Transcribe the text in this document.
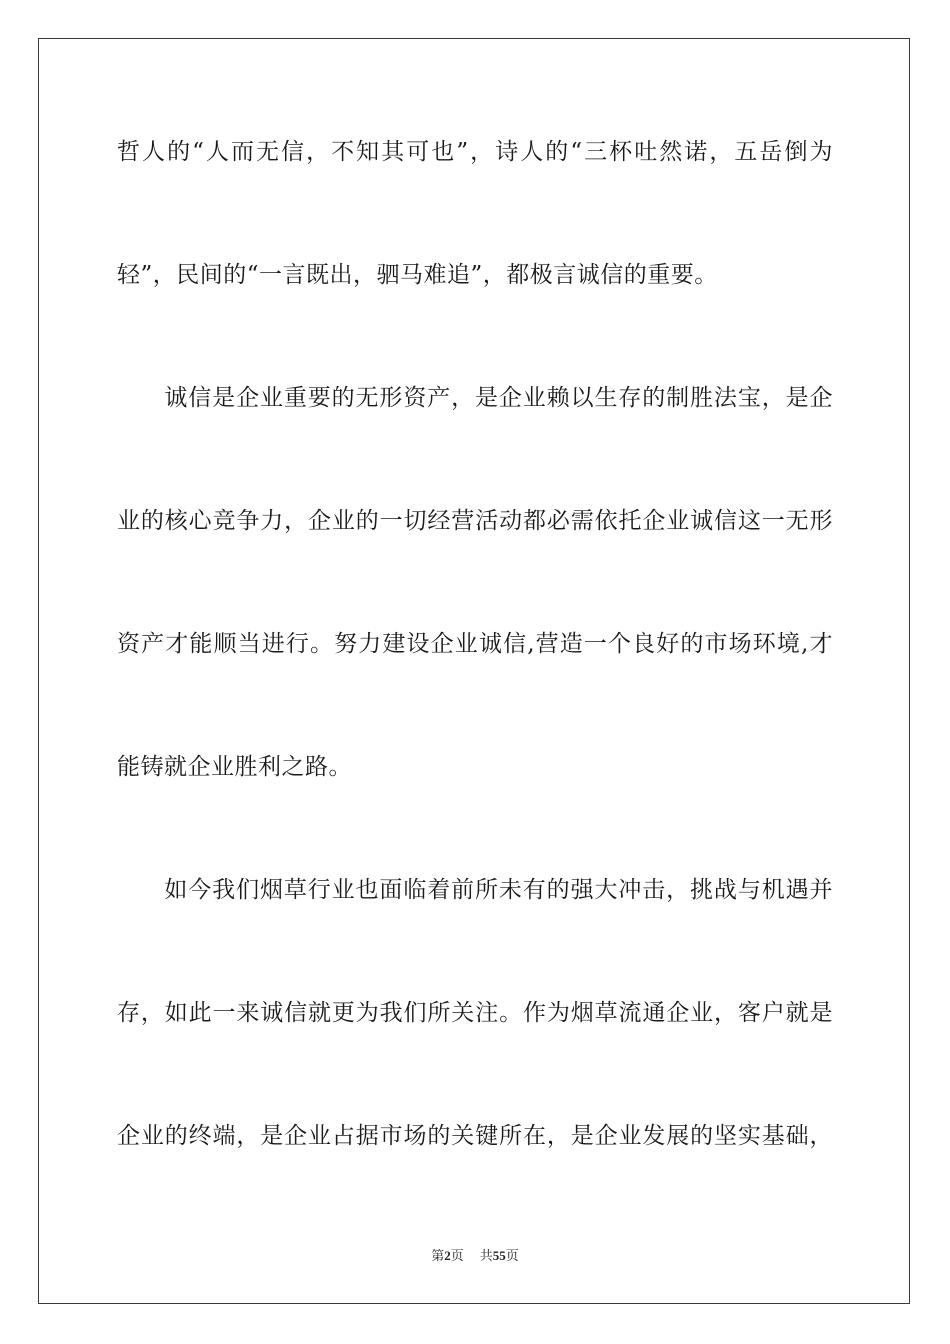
哲人的“人而无信，不知其可也”，诗人的“三杯吐然诺，五岳倒为
轻”，民间的“一言既出，驷马难追”，都极言诚信的重要。
诚信是企业重要的无形资产，是企业赖以生存的制胜法宝，是企
业的核心竞争力，企业的一切经营活动都必需依托企业诚信这一无形
资产才能顺当进行。努力建设企业诚信,营造一个良好的市场环境,才
能铸就企业胜利之路。
如今我们烟草行业也面临着前所未有的强大冲击，挑战与机遇并
存，如此一来诚信就更为我们所关注。作为烟草流通企业，客户就是
企业的终端，是企业占据市场的关键所在，是企业发展的坚实基础，
第2页 共55页
